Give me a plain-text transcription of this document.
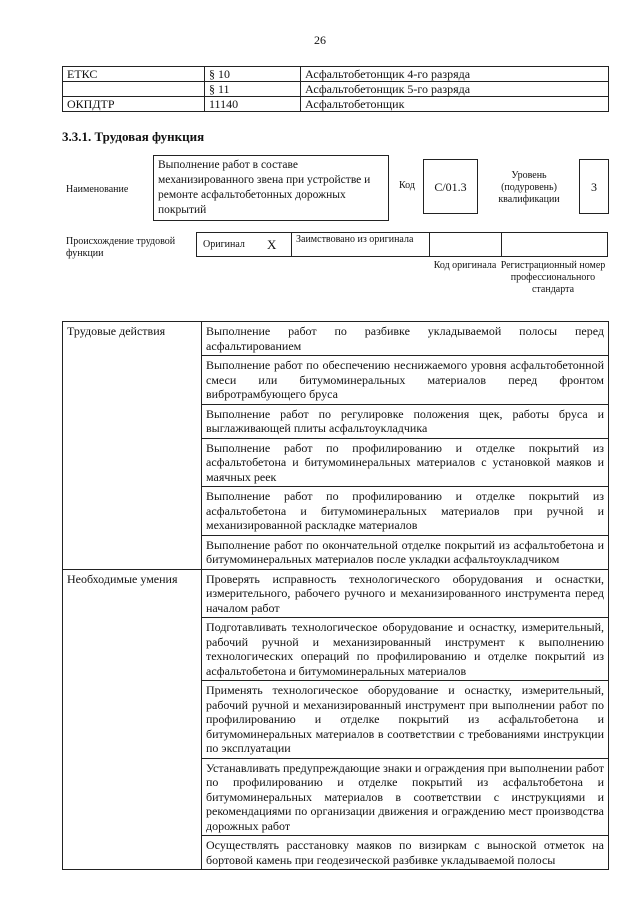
26
ЕТКС	§ 10	Асфальтобетонщик 4-го разряда
	§ 11	Асфальтобетонщик 5-го разряда
ОКПДТР	11140	Асфальтобетонщик
3.3.1. Трудовая функция
Наименование
Выполнение работ в составе механизированного звена при устройстве и ремонте асфальтобетонных дорожных покрытий
Код	С/01.3
Уровень (подуровень) квалификации
3
Происхождение трудовой функции
Оригинал X Заимствовано из оригинала
Код оригинала Регистрационный номер профессионального стандарта
Трудовые действия	Выполнение работ по разбивке укладываемой полосы перед асфальтированием
	Выполнение работ по обеспечению неснижаемого уровня асфальтобетонной смеси или битумоминеральных материалов перед фронтом вибротрамбующего бруса
	Выполнение работ по регулировке положения щек, работы бруса и выглаживающей плиты асфальтоукладчика
	Выполнение работ по профилированию и отделке покрытий из асфальтобетона и битумоминеральных материалов с установкой маяков и маячных реек
	Выполнение работ по профилированию и отделке покрытий из асфальтобетона и битумоминеральных материалов при ручной и механизированной раскладке материалов
	Выполнение работ по окончательной отделке покрытий из асфальтобетона и битумоминеральных материалов после укладки асфальтоукладчиком
Необходимые умения	Проверять исправность технологического оборудования и оснастки, измерительного, рабочего ручного и механизированного инструмента перед началом работ
	Подготавливать технологическое оборудование и оснастку, измерительный, рабочий ручной и механизированный инструмент к выполнению технологических операций по профилированию и отделке покрытий из асфальтобетона и битумоминеральных материалов
	Применять технологическое оборудование и оснастку, измерительный, рабочий ручной и механизированный инструмент при выполнении работ по профилированию и отделке покрытий из асфальтобетона и битумоминеральных материалов в соответствии с требованиями инструкции по эксплуатации
	Устанавливать предупреждающие знаки и ограждения при выполнении работ по профилированию и отделке покрытий из асфальтобетона и битумоминеральных материалов в соответствии с инструкциями и рекомендациями по организации движения и ограждению мест производства дорожных работ
	Осуществлять расстановку маяков по визиркам с выноской отметок на бортовой камень при геодезической разбивке укладываемой полосы
